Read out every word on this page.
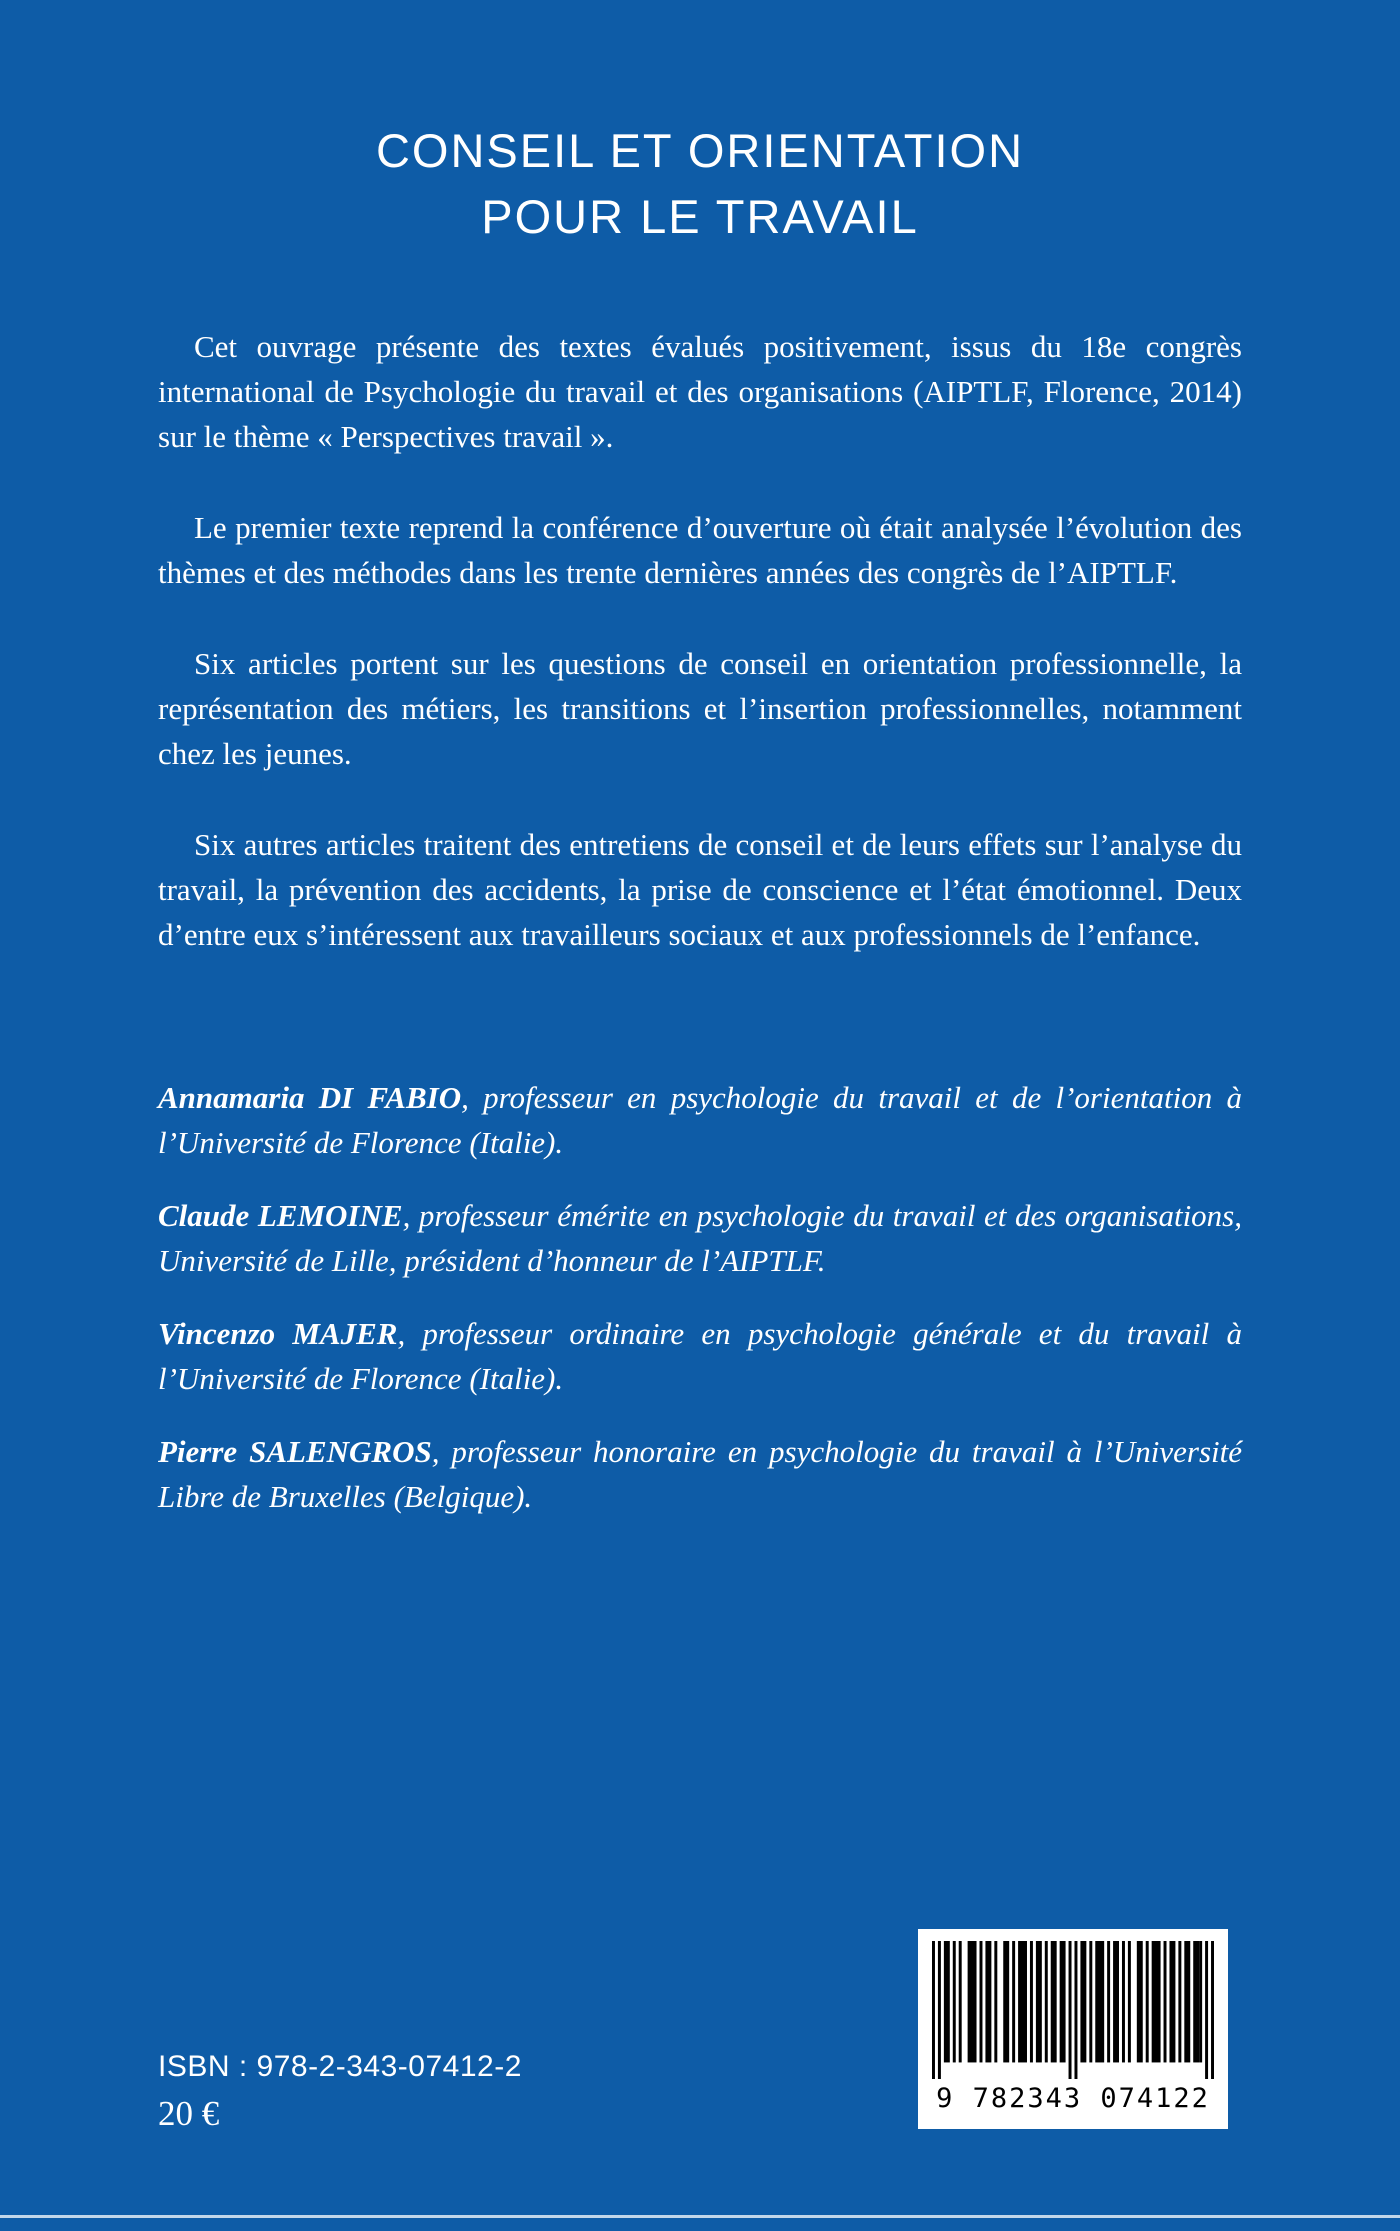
CONSEIL ET ORIENTATION
POUR LE TRAVAIL

Cet ouvrage présente des textes évalués positivement, issus du 18e congrès international de Psychologie du travail et des organisations (AIPTLF, Florence, 2014) sur le thème « Perspectives travail ».

Le premier texte reprend la conférence d’ouverture où était analysée l’évolution des thèmes et des méthodes dans les trente dernières années des congrès de l’AIPTLF.

Six articles portent sur les questions de conseil en orientation professionnelle, la représentation des métiers, les transitions et l’insertion professionnelles, notamment chez les jeunes.

Six autres articles traitent des entretiens de conseil et de leurs effets sur l’analyse du travail, la prévention des accidents, la prise de conscience et l’état émotionnel. Deux d’entre eux s’intéressent aux travailleurs sociaux et aux professionnels de l’enfance.

Annamaria DI FABIO, professeur en psychologie du travail et de l’orientation à l’Université de Florence (Italie).

Claude LEMOINE, professeur émérite en psychologie du travail et des organisations, Université de Lille, président d’honneur de l’AIPTLF.

Vincenzo MAJER, professeur ordinaire en psychologie générale et du travail à l’Université de Florence (Italie).

Pierre SALENGROS, professeur honoraire en psychologie du travail à l’Université Libre de Bruxelles (Belgique).

ISBN : 978-2-343-07412-2
20 €	9 782343 074122
